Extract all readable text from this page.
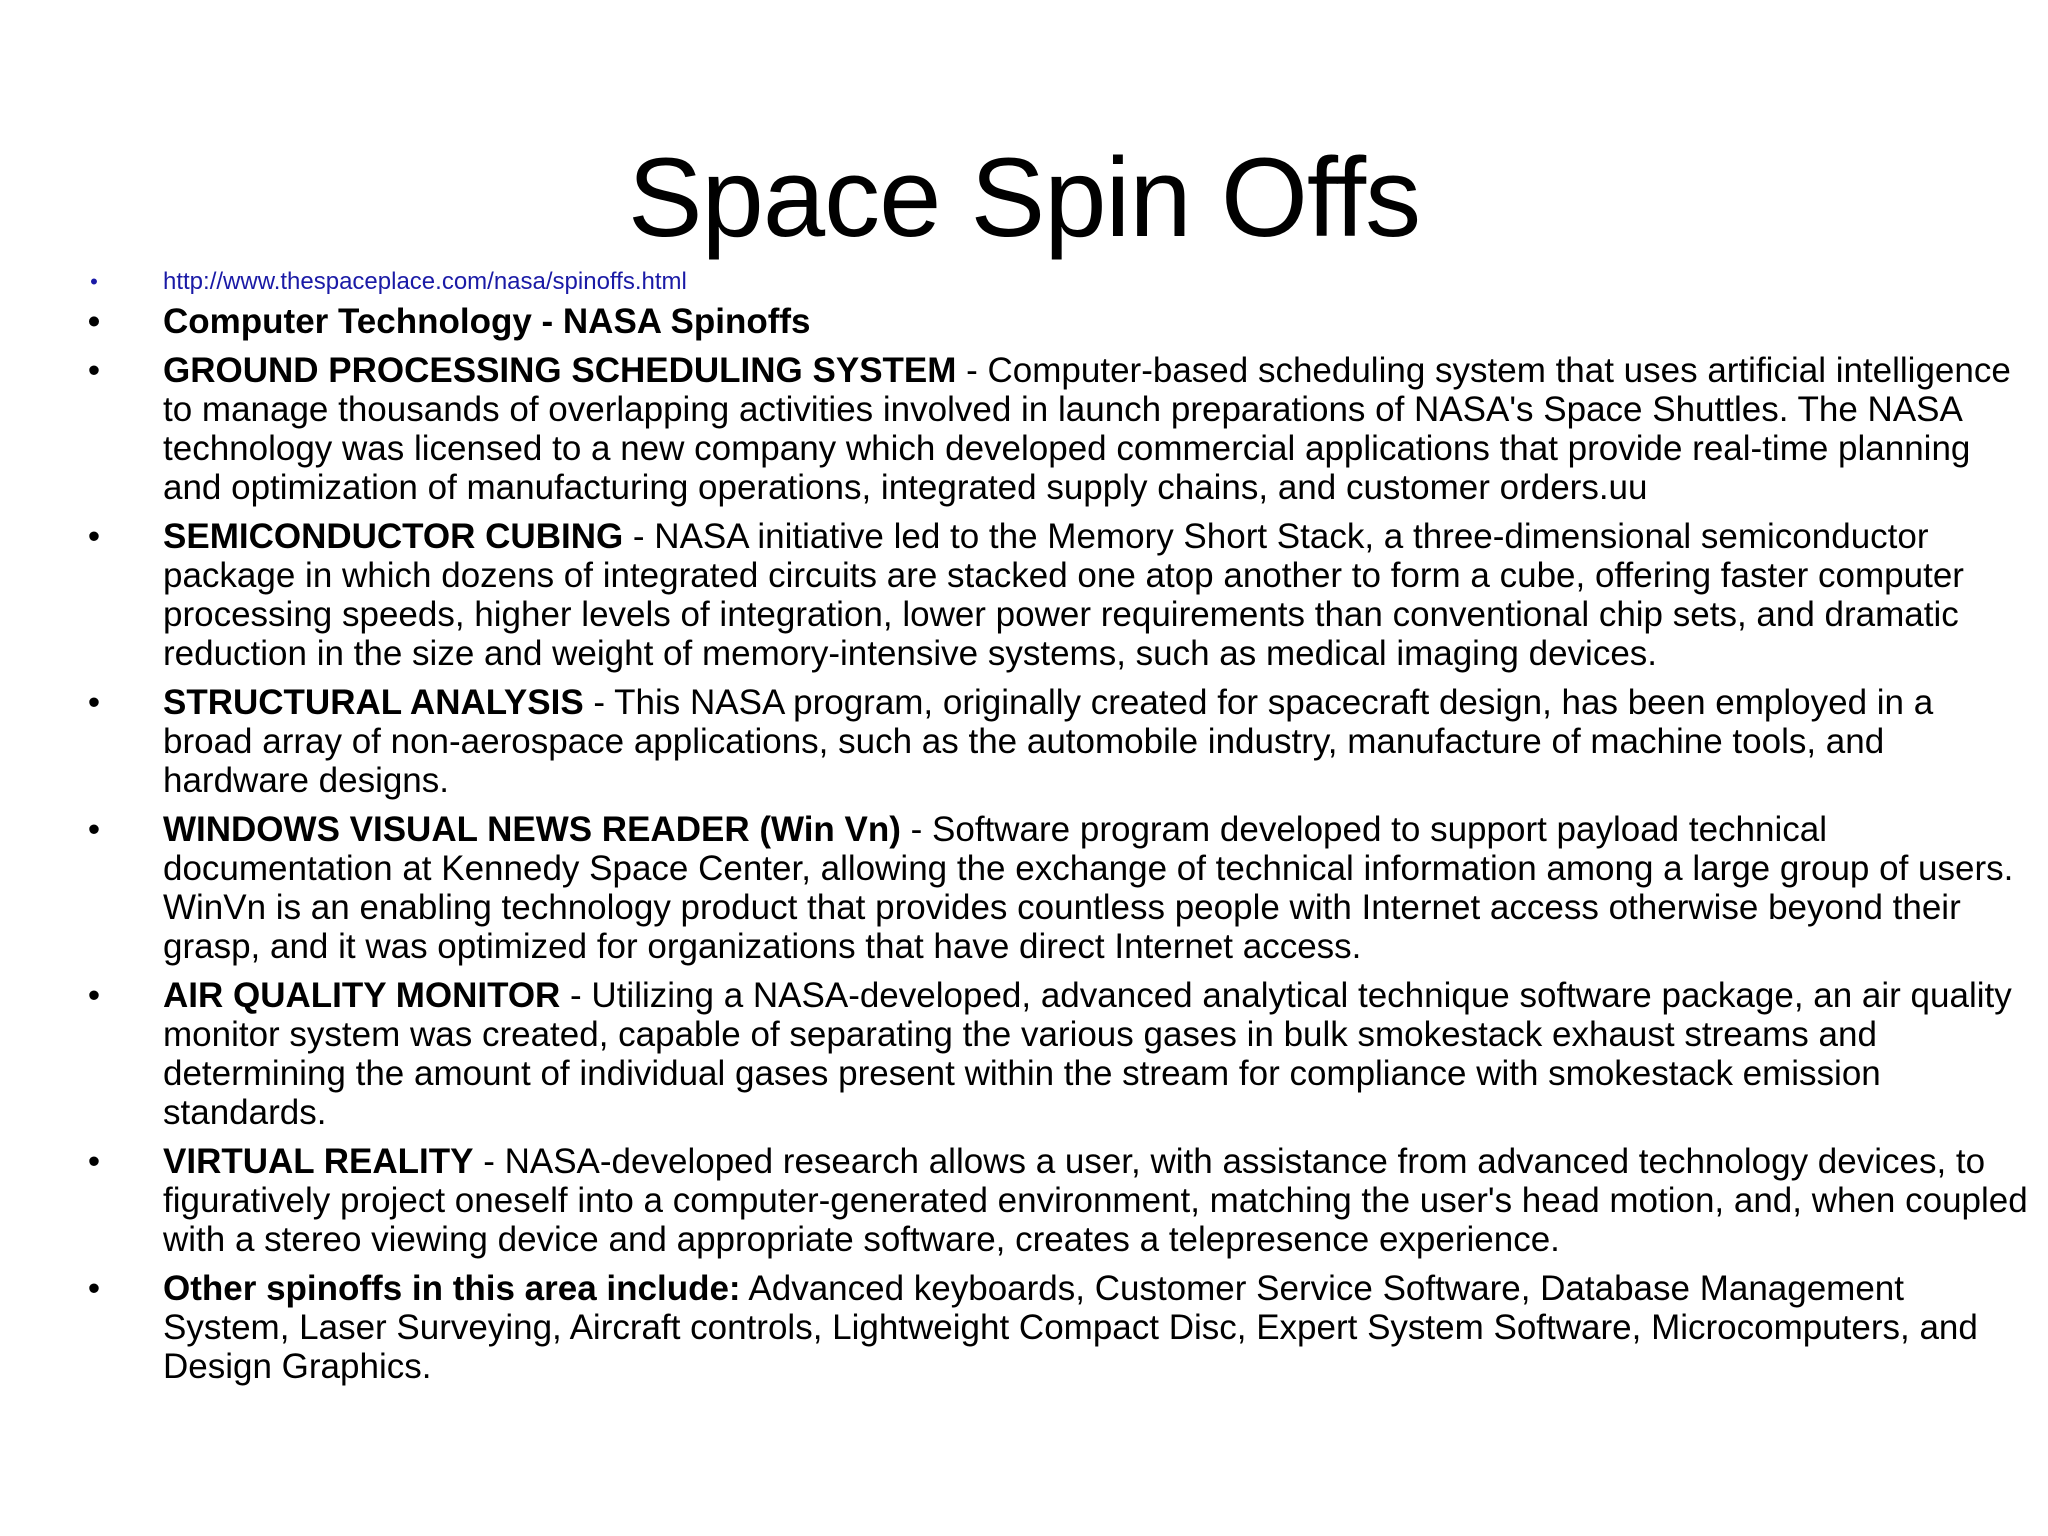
Space Spin Offs
•	http://www.thespaceplace.com/nasa/spinoffs.html
• Computer Technology - NASA Spinoffs
• GROUND PROCESSING SCHEDULING SYSTEM - Computer-based scheduling system that uses artificial intelligence to manage thousands of overlapping activities involved in launch preparations of NASA's Space Shuttles. The NASA technology was licensed to a new company which developed commercial applications that provide real-time planning and optimization of manufacturing operations, integrated supply chains, and customer orders.uu
• SEMICONDUCTOR CUBING - NASA initiative led to the Memory Short Stack, a three-dimensional semiconductor package in which dozens of integrated circuits are stacked one atop another to form a cube, offering faster computer processing speeds, higher levels of integration, lower power requirements than conventional chip sets, and dramatic reduction in the size and weight of memory-intensive systems, such as medical imaging devices.
• STRUCTURAL ANALYSIS - This NASA program, originally created for spacecraft design, has been employed in a broad array of non-aerospace applications, such as the automobile industry, manufacture of machine tools, and hardware designs.
• WINDOWS VISUAL NEWS READER (Win Vn) - Software program developed to support payload technical documentation at Kennedy Space Center, allowing the exchange of technical information among a large group of users. WinVn is an enabling technology product that provides countless people with Internet access otherwise beyond their grasp, and it was optimized for organizations that have direct Internet access.
• AIR QUALITY MONITOR - Utilizing a NASA-developed, advanced analytical technique software package, an air quality monitor system was created, capable of separating the various gases in bulk smokestack exhaust streams and determining the amount of individual gases present within the stream for compliance with smokestack emission standards.
• VIRTUAL REALITY - NASA-developed research allows a user, with assistance from advanced technology devices, to figuratively project oneself into a computer-generated environment, matching the user's head motion, and, when coupled with a stereo viewing device and appropriate software, creates a telepresence experience.
• Other spinoffs in this area include: Advanced keyboards, Customer Service Software, Database Management System, Laser Surveying, Aircraft controls, Lightweight Compact Disc, Expert System Software, Microcomputers, and Design Graphics.
